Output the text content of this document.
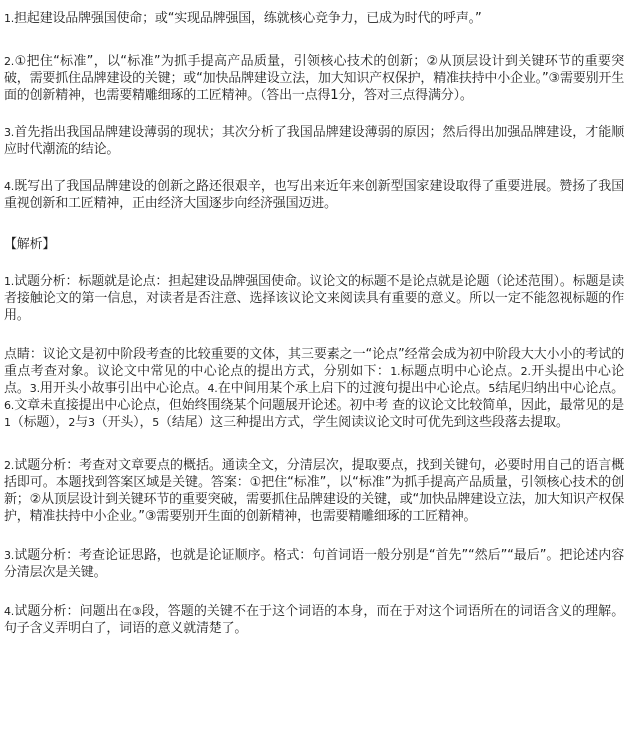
1.担起建设品牌强国使命；或“实现品牌强国，练就核心竞争力，已成为时代的呼声。”

2.①把住“标准”，以“标准”为抓手提高产品质量，引领核心技术的创新；②从顶层设计到关键环节的重要突破，需要抓住品牌建设的关键；或“加快品牌建设立法，加大知识产权保护，精准扶持中小企业。”③需要别开生面的创新精神，也需要精雕细琢的工匠精神。（答出一点得1分，答对三点得满分）。

3.首先指出我国品牌建设薄弱的现状；其次分析了我国品牌建设薄弱的原因；然后得出加强品牌建设，才能顺应时代潮流的结论。

4.既写出了我国品牌建设的创新之路还很艰辛，也写出来近年来创新型国家建设取得了重要进展。赞扬了我国重视创新和工匠精神，正由经济大国逐步向经济强国迈进。

【解析】

1.试题分析：标题就是论点：担起建设品牌强国使命。议论文的标题不是论点就是论题（论述范围）。标题是读者接触论文的第一信息，对读者是否注意、选择该议论文来阅读具有重要的意义。所以一定不能忽视标题的作用。

点睛：议论文是初中阶段考查的比较重要的文体，其三要素之一“论点”经常会成为初中阶段大大小小的考试的重点考查对象。议论文中常见的中心论点的提出方式，分别如下：1.标题点明中心论点。2.开头提出中心论点。3.用开头小故事引出中心论点。4.在中间用某个承上启下的过渡句提出中心论点。5结尾归纳出中心论点。6.文章未直接提出中心论点，但始终围绕某个问题展开论述。初中考 查的议论文比较简单，因此，最常见的是1（标题），2与3（开头），5（结尾）这三种提出方式，学生阅读议论文时可优先到这些段落去提取。

2.试题分析：考查对文章要点的概括。通读全文，分清层次，提取要点，找到关键句，必要时用自己的语言概括即可。本题找到答案区域是关键。答案：①把住“标准”，以“标准”为抓手提高产品质量，引领核心技术的创新；②从顶层设计到关键环节的重要突破，需要抓住品牌建设的关键，或“加快品牌建设立法，加大知识产权保护，精准扶持中小企业。”③需要别开生面的创新精神，也需要精雕细琢的工匠精神。

3.试题分析：考查论证思路，也就是论证顺序。格式：句首词语一般分别是“首先”“然后”“最后”。把论述内容分清层次是关键。

4.试题分析：问题出在③段，答题的关键不在于这个词语的本身，而在于对这个词语所在的词语含义的理解。句子含义弄明白了，词语的意义就清楚了。
